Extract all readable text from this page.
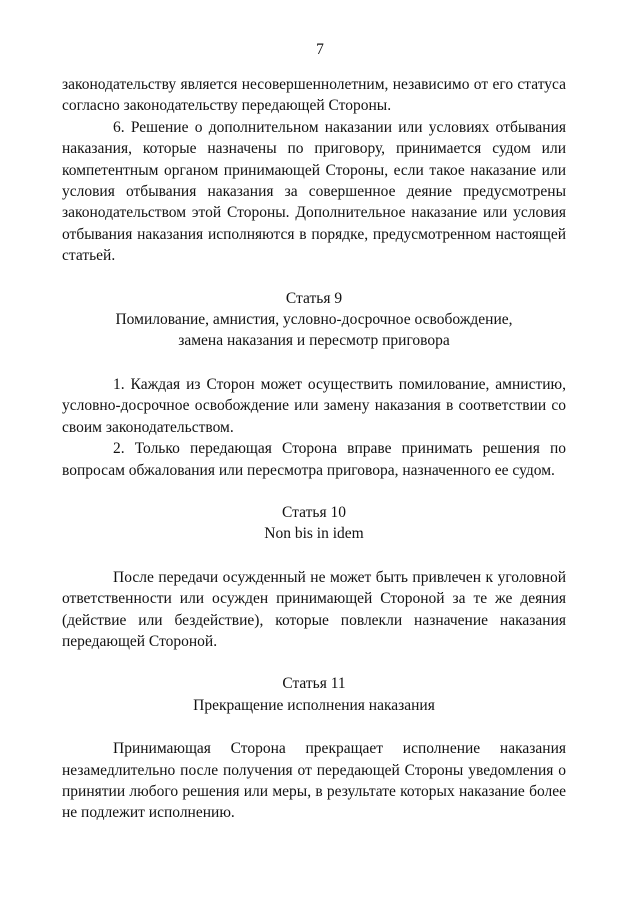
7

законодательству является несовершеннолетним, независимо от его статуса согласно законодательству передающей Стороны.

6. Решение о дополнительном наказании или условиях отбывания наказания, которые назначены по приговору, принимается судом или компетентным органом принимающей Стороны, если такое наказание или условия отбывания наказания за совершенное деяние предусмотрены законодательством этой Стороны. Дополнительное наказание или условия отбывания наказания исполняются в порядке, предусмотренном настоящей статьей.

Статья 9
Помилование, амнистия, условно-досрочное освобождение,
замена наказания и пересмотр приговора

1. Каждая из Сторон может осуществить помилование, амнистию, условно-досрочное освобождение или замену наказания в соответствии со своим законодательством.

2. Только передающая Сторона вправе принимать решения по вопросам обжалования или пересмотра приговора, назначенного ее судом.

Статья 10
Non bis in idem

После передачи осужденный не может быть привлечен к уголовной ответственности или осужден принимающей Стороной за те же деяния (действие или бездействие), которые повлекли назначение наказания передающей Стороной.

Статья 11
Прекращение исполнения наказания

Принимающая Сторона прекращает исполнение наказания незамедлительно после получения от передающей Стороны уведомления о принятии любого решения или меры, в результате которых наказание более не подлежит исполнению.
